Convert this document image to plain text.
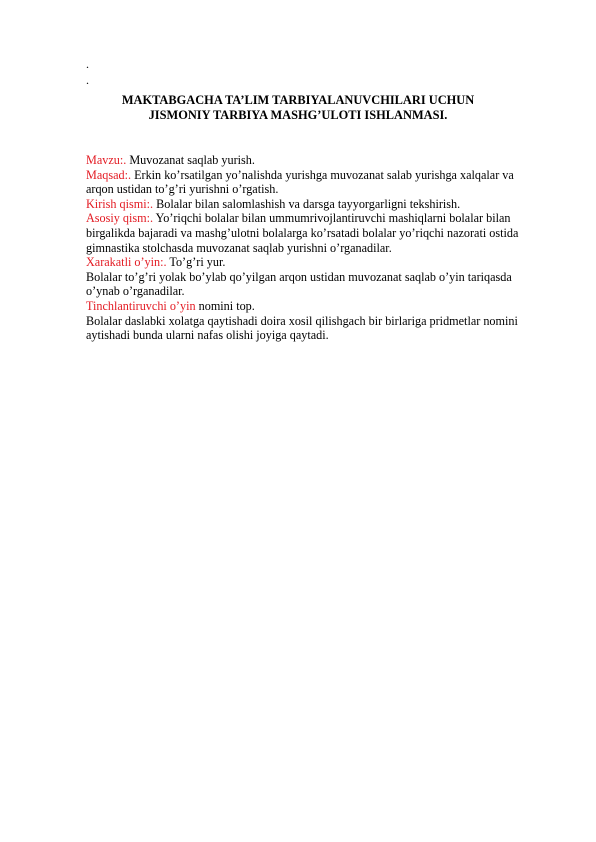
.
.
MAKTABGACHA TA’LIM TARBIYALANUVCHILARI UCHUN
JISMONIY TARBIYA MASHG’ULOTI ISHLANMASI.

Mavzu:. Muvozanat saqlab yurish.

Maqsad:. Erkin ko’rsatilgan yo’nalishda yurishga muvozanat salab yurishga xalqalar va arqon ustidan to’g’ri yurishni o’rgatish.

Kirish qismi:. Bolalar bilan salomlashish va darsga tayyorgarligni tekshirish.

Asosiy qism:. Yo’riqchi bolalar bilan ummumrivojlantiruvchi mashiqlarni bolalar bilan birgalikda bajaradi va mashg’ulotni bolalarga ko’rsatadi bolalar yo’riqchi nazorati ostida gimnastika stolchasda muvozanat saqlab yurishni o’rganadilar.

Xarakatli o’yin:. To’g’ri yur.

Bolalar to’g’ri yolak bo’ylab qo’yilgan arqon ustidan muvozanat saqlab o’yin tariqasda o’ynab o’rganadilar.

Tinchlantiruvchi o’yin nomini top.

Bolalar daslabki xolatga qaytishadi doira xosil qilishgach bir birlariga pridmetlar nomini aytishadi bunda ularni nafas olishi joyiga qaytadi.
